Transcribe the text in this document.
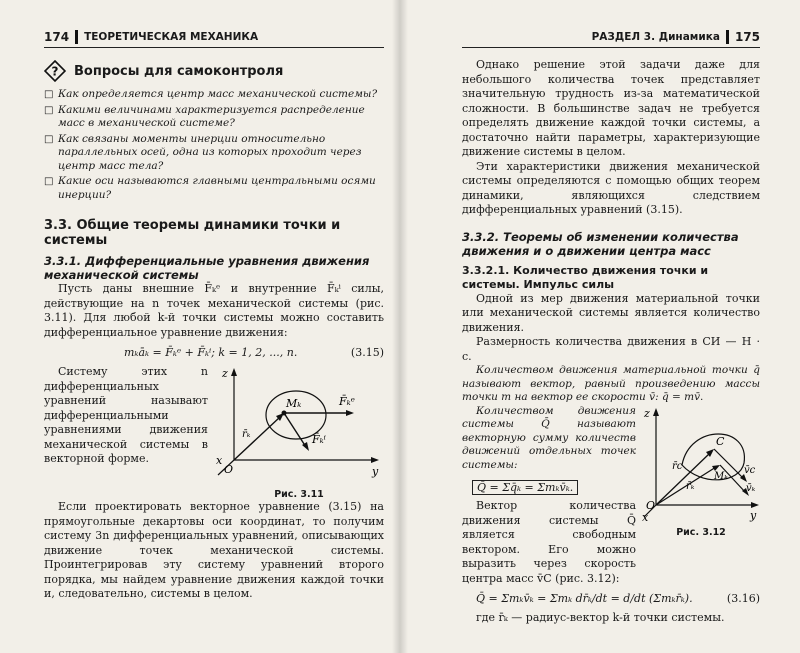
174 ТЕОРЕТИЧЕСКАЯ МЕХАНИКА
? Вопросы для самоконтроля
□ Как определяется центр масс механической системы?
□ Какими величинами характеризуется распределение масс в механической системе?
□ Как связаны моменты инерции относительно параллельных осей, одна из которых проходит через центр масс тела?
□ Какие оси называются главными центральными осями инерции?
3.3. Общие теоремы динамики точки и системы
3.3.1. Дифференциальные уравнения движения механической системы

Пусть даны внешние F̄ₖᵉ и внутренние F̄ₖⁱ силы, действующие на n точек механической системы (рис. 3.11). Для любой k-й точки системы можно составить дифференциальное уравнение движения:

mₖāₖ = F̄ₖᵉ + F̄ₖⁱ; k = 1, 2, ..., n.	(3.15)

Систему этих n дифференциальных уравнений называют дифференциальными уравнениями движения механической системы в векторной форме.

z
x
y
O
Mₖ
r̄ₖ
F̄ₖᵉ
F̄ₖⁱ
Рис. 3.11

Если проектировать векторное уравнение (3.15) на прямоугольные декартовы оси координат, то получим систему 3n дифференциальных уравнений, описывающих движение точек механической системы. Проинтегрировав эту систему уравнений второго порядка, мы найдем уравнение движения каждой точки и, следовательно, системы в целом.

РАЗДЕЛ 3. Динамика 175

Однако решение этой задачи даже для небольшого количества точек представляет значительную трудность из-за математической сложности. В большинстве задач не требуется определять движение каждой точки системы, а достаточно найти параметры, характеризующие движение системы в целом.

Эти характеристики движения механической системы определяются с помощью общих теорем динамики, являющихся следствием дифференциальных уравнений (3.15).

3.3.2. Теоремы об изменении количества движения и о движении центра масс
3.3.2.1. Количество движения точки и системы. Импульс силы

Одной из мер движения материальной точки или механической системы является количество движения.

Размерность количества движения в СИ — H · c.

Количеством движения материальной точки q̄ называют вектор, равный произведению массы точки m на вектор ее скорости v̄: q̄ = mv̄.

Количеством движения системы Q̄ называют векторную сумму количеств движений отдельных точек системы:

Q̄ = Σq̄ₖ = Σmₖv̄ₖ.

Вектор количества движения системы Q̄ является свободным вектором. Его можно выразить через скорость центра масс v̄C (рис. 3.12):

z
x	y
O
C
Mₖ
r̄c
r̄ₖ
v̄c
v̄ₖ
Рис. 3.12
Q̄ = Σmₖv̄ₖ = Σmₖ dr̄ₖ/dt = d/dt (Σmₖr̄ₖ).	(3.16)

где r̄ₖ — радиус-вектор k-й точки системы.
